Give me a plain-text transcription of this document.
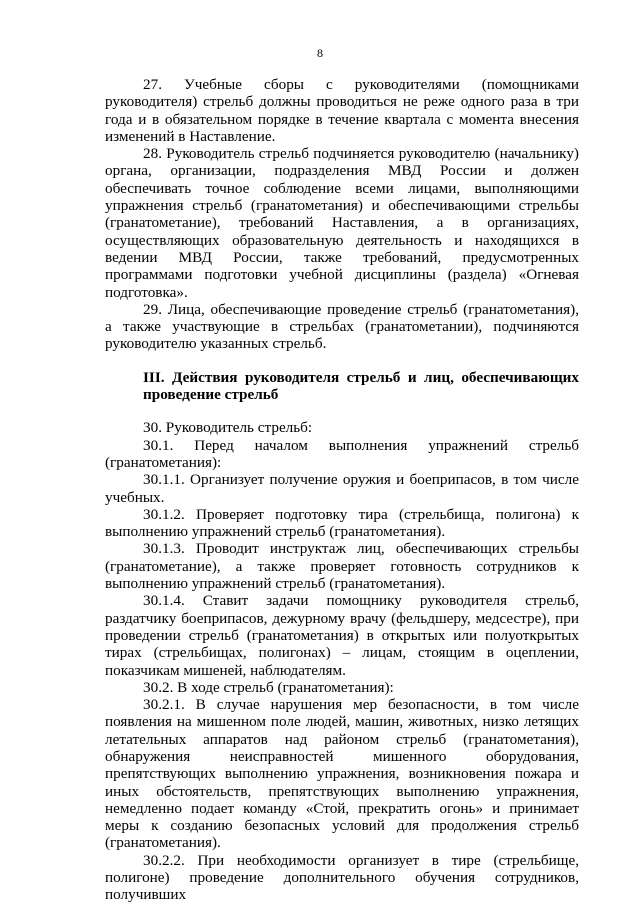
8

27. Учебные сборы с руководителями (помощниками руководителя) стрельб должны проводиться не реже одного раза в три года и в обязательном порядке в течение квартала с момента внесения изменений в Наставление.

28. Руководитель стрельб подчиняется руководителю (начальнику) органа, организации, подразделения МВД России и должен обеспечивать точное соблюдение всеми лицами, выполняющими упражнения стрельб (гранатометания) и обеспечивающими стрельбы (гранатометание), требований Наставления, а в организациях, осуществляющих образовательную деятельность и находящихся в ведении МВД России, также требований, предусмотренных программами подготовки учебной дисциплины (раздела) «Огневая подготовка».

29. Лица, обеспечивающие проведение стрельб (гранатометания), а также участвующие в стрельбах (гранатометании), подчиняются руководителю указанных стрельб.

III. Действия руководителя стрельб и лиц, обеспечивающих проведение стрельб

30. Руководитель стрельб:

30.1. Перед началом выполнения упражнений стрельб (гранатометания):

30.1.1. Организует получение оружия и боеприпасов, в том числе учебных.

30.1.2. Проверяет подготовку тира (стрельбища, полигона) к выполнению упражнений стрельб (гранатометания).

30.1.3. Проводит инструктаж лиц, обеспечивающих стрельбы (гранатометание), а также проверяет готовность сотрудников к выполнению упражнений стрельб (гранатометания).

30.1.4. Ставит задачи помощнику руководителя стрельб, раздатчику боеприпасов, дежурному врачу (фельдшеру, медсестре), при проведении стрельб (гранатометания) в открытых или полуоткрытых тирах (стрельбищах, полигонах) – лицам, стоящим в оцеплении, показчикам мишеней, наблюдателям.

30.2. В ходе стрельб (гранатометания):

30.2.1. В случае нарушения мер безопасности, в том числе появления на мишенном поле людей, машин, животных, низко летящих летательных аппаратов над районом стрельб (гранатометания), обнаружения неисправностей мишенного оборудования, препятствующих выполнению упражнения, возникновения пожара и иных обстоятельств, препятствующих выполнению упражнения, немедленно подает команду «Стой, прекратить огонь» и принимает меры к созданию безопасных условий для продолжения стрельб (гранатометания).

30.2.2. При необходимости организует в тире (стрельбище, полигоне) проведение дополнительного обучения сотрудников, получивших
